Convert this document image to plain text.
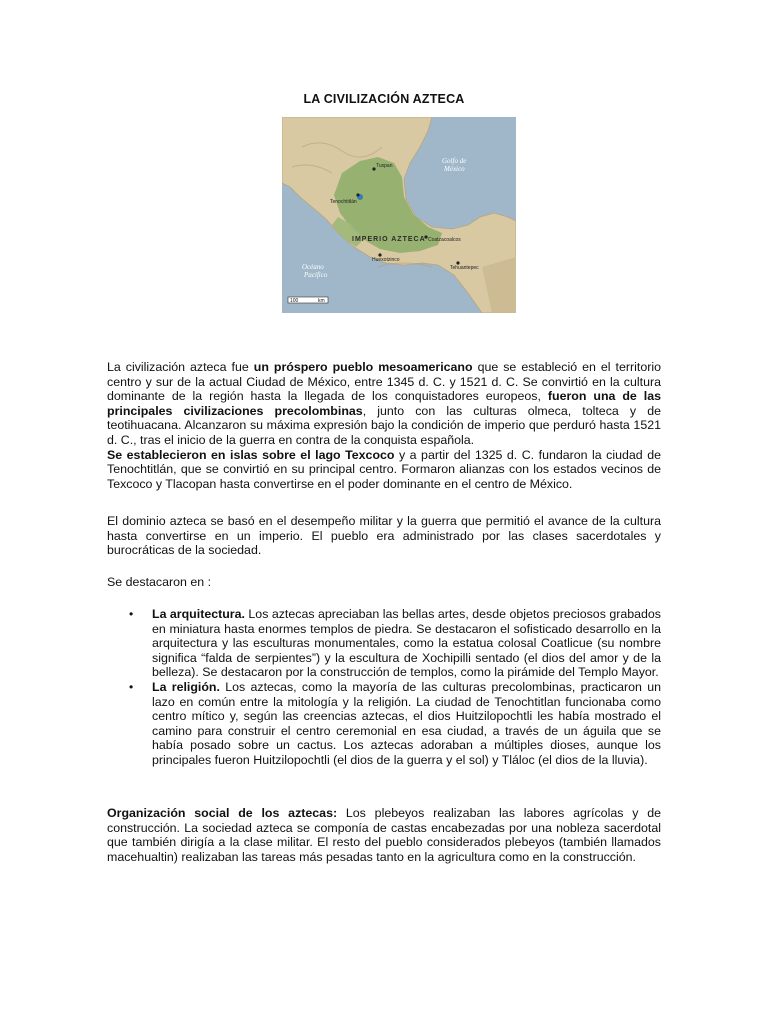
LA CIVILIZACIÓN AZTECA
Golfo de
México
Océano
Pacífico
IMPERIO AZTECA
Tuxpan
Tenochtitlán
Coatzacoalcos
Huexotzinco
Tehuantepec
100	km

La civilización azteca fue un próspero pueblo mesoamericano que se estableció en el territorio centro y sur de la actual Ciudad de México, entre 1345 d. C. y 1521 d. C. Se convirtió en la cultura dominante de la región hasta la llegada de los conquistadores europeos, fueron una de las principales civilizaciones precolombinas, junto con las culturas olmeca, tolteca y de teotihuacana. Alcanzaron su máxima expresión bajo la condición de imperio que perduró hasta 1521 d. C., tras el inicio de la guerra en contra de la conquista española.

Se establecieron en islas sobre el lago Texcoco y a partir del 1325 d. C. fundaron la ciudad de Tenochtitlán, que se convirtió en su principal centro. Formaron alianzas con los estados vecinos de Texcoco y Tlacopan hasta convertirse en el poder dominante en el centro de México.

El dominio azteca se basó en el desempeño militar y la guerra que permitió el avance de la cultura hasta convertirse en un imperio. El pueblo era administrado por las clases sacerdotales y burocráticas de la sociedad.

Se destacaron en :

• La arquitectura. Los aztecas apreciaban las bellas artes, desde objetos preciosos grabados en miniatura hasta enormes templos de piedra. Se destacaron el sofisticado desarrollo en la arquitectura y las esculturas monumentales, como la estatua colosal Coatlicue (su nombre significa “falda de serpientes”) y la escultura de Xochipilli sentado (el dios del amor y de la belleza). Se destacaron por la construcción de templos, como la pirámide del Templo Mayor.
• La religión. Los aztecas, como la mayoría de las culturas precolombinas, practicaron un lazo en común entre la mitología y la religión. La ciudad de Tenochtitlan funcionaba como centro mítico y, según las creencias aztecas, el dios Huitzilopochtli les había mostrado el camino para construir el centro ceremonial en esa ciudad, a través de un águila que se había posado sobre un cactus. Los aztecas adoraban a múltiples dioses, aunque los principales fueron Huitzilopochtli (el dios de la guerra y el sol) y Tláloc (el dios de la lluvia).

Organización social de los aztecas: Los plebeyos realizaban las labores agrícolas y de construcción. La sociedad azteca se componía de castas encabezadas por una nobleza sacerdotal que también dirigía a la clase militar. El resto del pueblo considerados plebeyos (también llamados macehualtin) realizaban las tareas más pesadas tanto en la agricultura como en la construcción.
